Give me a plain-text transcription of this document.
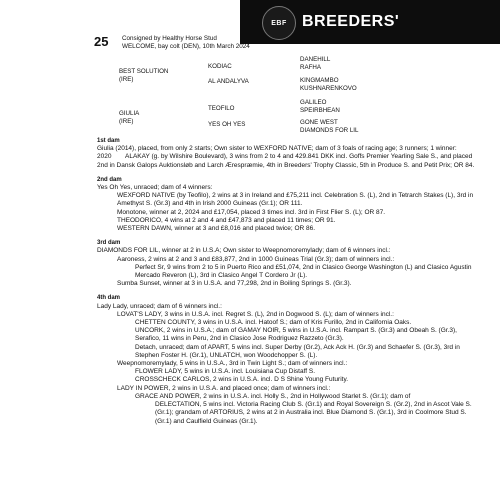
EBF BREEDERS'
25 Consigned by Healthy Horse Stud
WELCOME, bay colt (DEN), 10th March 2024
BEST SOLUTION
(IRE)
KODIAC
DANEHILL
RAFHA
AL ANDALYVA	KINGMAMBO
KUSHNARENKOVO
GIULIA
(IRE)
TEOFILO
GALILEO
SPEIRBHEAN
YES OH YES	GONE WEST
DIAMONDS FOR LIL

1st dam

Giulia (2014), placed, from only 2 starts; Own sister to WEXFORD NATIVE; dam of 3 foals of racing age; 3 runners; 1 winner:

2020 ALAKAY (g. by Wilshire Boulevard), 3 wins from 2 to 4 and 429.841 DKK incl. Goffs Premier Yearling Sale S., and placed 2nd in Dansk Galops Auktionsløb and Larch Ærespræmie, 4th in Breeders' Trophy Classic, 5th in Produce S. and Petit Prix; OR 84.

2nd dam

Yes Oh Yes, unraced; dam of 4 winners:

WEXFORD NATIVE (by Teofilo), 2 wins at 3 in Ireland and £75,211 incl. Celebration S. (L), 2nd in Tetrarch Stakes (L), 3rd in Amethyst S. (Gr.3) and 4th in Irish 2000 Guineas (Gr.1); OR 111.

Monotone, winner at 2, 2024 and £17,054, placed 3 times incl. 3rd in First Flier S. (L); OR 87.

THEODORICO, 4 wins at 2 and 4 and £47,873 and placed 11 times; OR 91.

WESTERN DAWN, winner at 3 and £8,016 and placed twice; OR 86.

3rd dam

DIAMONDS FOR LIL, winner at 2 in U.S.A; Own sister to Weepnomoremylady; dam of 6 winners incl.:

Aaroness, 2 wins at 2 and 3 and £83,877, 2nd in 1000 Guineas Trial (Gr.3); dam of winners incl.:

Perfect Sr, 9 wins from 2 to 5 in Puerto Rico and £51,074, 2nd in Clasico George Washington (L) and Clasico Agustin Mercado Reveron (L), 3rd in Clasico Angel T Cordero Jr (L).

Sumba Sunset, winner at 3 in U.S.A. and 77,298, 2nd in Boiling Springs S. (Gr.3).

4th dam

Lady Lady, unraced; dam of 6 winners incl.:

LOVAT'S LADY, 3 wins in U.S.A. incl. Regret S. (L), 2nd in Dogwood S. (L); dam of winners incl.:

CHETTEN COUNTY, 3 wins in U.S.A. incl. Hatoof S.; dam of Kris Furillo, 2nd in California Oaks.

UNCORK, 2 wins in U.S.A.; dam of GAMAY NOIR, 5 wins in U.S.A. incl. Rampart S. (Gr.3) and Obeah S. (Gr.3), Serafico, 11 wins in Peru, 2nd in Clasico Jose Rodriguez Razzeto (Gr.3).

Detach, unraced; dam of APART, 5 wins incl. Super Derby (Gr.2), Ack Ack H. (Gr.3) and Schaefer S. (Gr.3), 3rd in Stephen Foster H. (Gr.1), UNLATCH, won Woodchopper S. (L).

Weepnomoremylady, 5 wins in U.S.A., 3rd in Twin Light S.; dam of winners incl.:

FLOWER LADY, 5 wins in U.S.A. incl. Louisiana Cup Distaff S.

CROSSCHECK CARLOS, 2 wins in U.S.A. incl. D S Shine Young Futurity.

LADY IN POWER, 2 wins in U.S.A. and placed once; dam of winners incl.:

GRACE AND POWER, 2 wins in U.S.A. incl. Holly S., 2nd in Hollywood Starlet S. (Gr.1); dam of

DELECTATION, 5 wins incl. Victoria Racing Club S. (Gr.1) and Royal Sovereign S. (Gr.2), 2nd in Ascot Vale S. (Gr.1); grandam of ARTORIUS, 2 wins at 2 in Australia incl. Blue Diamond S. (Gr.1), 3rd in Coolmore Stud S. (Gr.1) and Caulfield Guineas (Gr.1).
